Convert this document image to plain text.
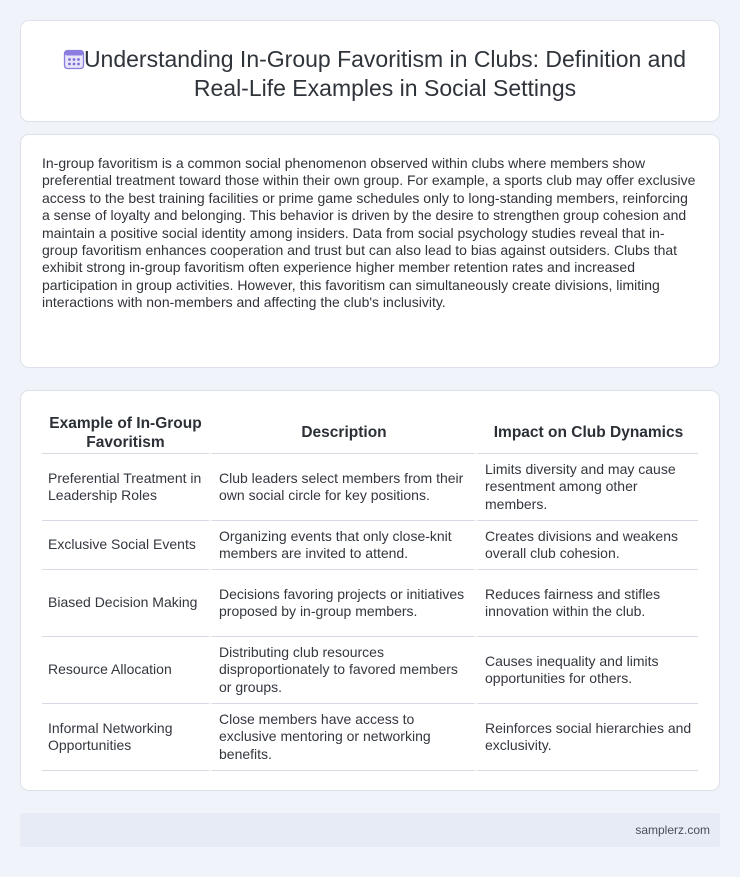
Understanding In-Group Favoritism in Clubs: Definition and Real-Life Examples in Social Settings

In-group favoritism is a common social phenomenon observed within clubs where members show preferential treatment toward those within their own group. For example, a sports club may offer exclusive access to the best training facilities or prime game schedules only to long-standing members, reinforcing a sense of loyalty and belonging. This behavior is driven by the desire to strengthen group cohesion and maintain a positive social identity among insiders. Data from social psychology studies reveal that in-group favoritism enhances cooperation and trust but can also lead to bias against outsiders. Clubs that exhibit strong in-group favoritism often experience higher member retention rates and increased participation in group activities. However, this favoritism can simultaneously create divisions, limiting interactions with non-members and affecting the club's inclusivity.

Example of In-Group Favoritism	Description	Impact on Club Dynamics
Preferential Treatment in Leadership Roles	Club leaders select members from their own social circle for key positions.	Limits diversity and may cause resentment among other members.
Exclusive Social Events	Organizing events that only close-knit members are invited to attend.	Creates divisions and weakens overall club cohesion.
Biased Decision Making	Decisions favoring projects or initiatives proposed by in-group members.	Reduces fairness and stifles innovation within the club.
Resource Allocation	Distributing club resources disproportionately to favored members or groups.	Causes inequality and limits opportunities for others.
Informal Networking Opportunities	Close members have access to exclusive mentoring or networking benefits.	Reinforces social hierarchies and exclusivity.
samplerz.com
